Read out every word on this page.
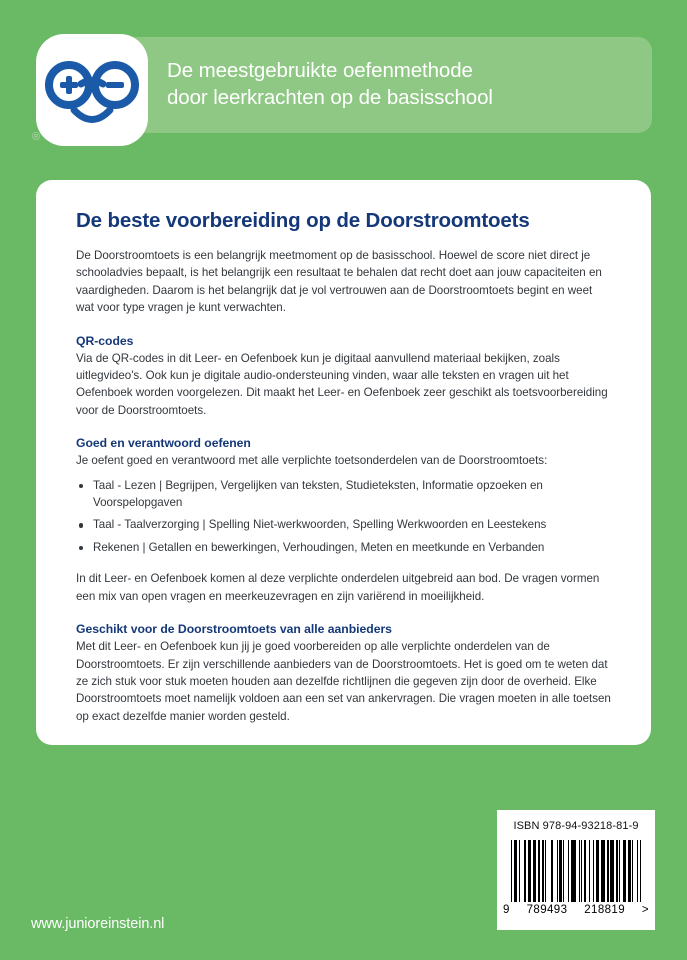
De meestgebruikte oefenmethode
door leerkrachten op de basisschool
®
De beste voorbereiding op de Doorstroomtoets

De Doorstroomtoets is een belangrijk meetmoment op de basisschool. Hoewel de score niet direct je schooladvies bepaalt, is het belangrijk een resultaat te behalen dat recht doet aan jouw capaciteiten en vaardigheden. Daarom is het belangrijk dat je vol vertrouwen aan de Doorstroomtoets begint en weet wat voor type vragen je kunt verwachten.

QR-codes

Via de QR-codes in dit Leer- en Oefenboek kun je digitaal aanvullend materiaal bekijken, zoals uitlegvideo's. Ook kun je digitale audio-ondersteuning vinden, waar alle teksten en vragen uit het Oefenboek worden voorgelezen. Dit maakt het Leer- en Oefenboek zeer geschikt als toetsvoorbereiding voor de Doorstroomtoets.

Goed en verantwoord oefenen

Je oefent goed en verantwoord met alle verplichte toetsonderdelen van de Doorstroomtoets:

Taal - Lezen | Begrijpen, Vergelijken van teksten, Studieteksten, Informatie opzoeken en Voorspelopgaven
Taal - Taalverzorging | Spelling Niet-werkwoorden, Spelling Werkwoorden en Leestekens
Rekenen | Getallen en bewerkingen, Verhoudingen, Meten en meetkunde en Verbanden

In dit Leer- en Oefenboek komen al deze verplichte onderdelen uitgebreid aan bod. De vragen vormen een mix van open vragen en meerkeuzevragen en zijn variërend in moeilijkheid.

Geschikt voor de Doorstroomtoets van alle aanbieders

Met dit Leer- en Oefenboek kun jij je goed voorbereiden op alle verplichte onderdelen van de Doorstroomtoets. Er zijn verschillende aanbieders van de Doorstroomtoets. Het is goed om te weten dat ze zich stuk voor stuk moeten houden aan dezelfde richtlijnen die gegeven zijn door de overheid. Elke Doorstroomtoets moet namelijk voldoen aan een set van ankervragen. Die vragen moeten in alle toetsen op exact dezelfde manier worden gesteld.

www.junioreinstein.nl
ISBN 978-94-93218-81-9
9 789493 218819 >
